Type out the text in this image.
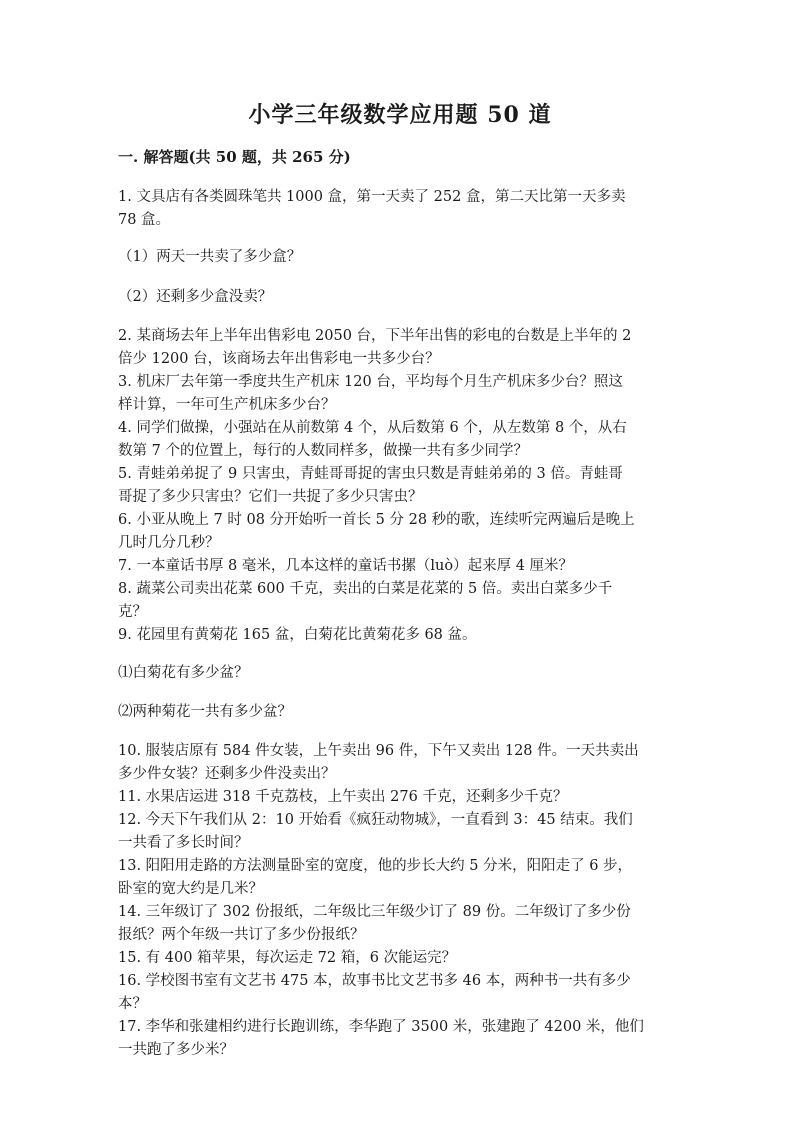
小学三年级数学应用题 50 道
一. 解答题(共 50 题，共 265 分)
1. 文具店有各类圆珠笔共 1000 盒，第一天卖了 252 盒，第二天比第一天多卖
78 盒。
（1）两天一共卖了多少盒？
（2）还剩多少盒没卖？
2. 某商场去年上半年出售彩电 2050 台，下半年出售的彩电的台数是上半年的 2
倍少 1200 台，该商场去年出售彩电一共多少台？
3. 机床厂去年第一季度共生产机床 120 台，平均每个月生产机床多少台？照这
样计算，一年可生产机床多少台？
4. 同学们做操，小强站在从前数第 4 个，从后数第 6 个，从左数第 8 个，从右
数第 7 个的位置上，每行的人数同样多，做操一共有多少同学？
5. 青蛙弟弟捉了 9 只害虫，青蛙哥哥捉的害虫只数是青蛙弟弟的 3 倍。青蛙哥
哥捉了多少只害虫？它们一共捉了多少只害虫？
6. 小亚从晚上 7 时 08 分开始听一首长 5 分 28 秒的歌，连续听完两遍后是晚上
几时几分几秒？
7. 一本童话书厚 8 毫米，几本这样的童话书摞（luò）起来厚 4 厘米？
8. 蔬菜公司卖出花菜 600 千克，卖出的白菜是花菜的 5 倍。卖出白菜多少千
克？
9. 花园里有黄菊花 165 盆，白菊花比黄菊花多 68 盆。
⑴白菊花有多少盆？
⑵两种菊花一共有多少盆？
10. 服装店原有 584 件女装，上午卖出 96 件，下午又卖出 128 件。一天共卖出
多少件女装？还剩多少件没卖出？
11. 水果店运进 318 千克荔枝，上午卖出 276 千克，还剩多少千克？
12. 今天下午我们从 2：10 开始看《疯狂动物城》，一直看到 3：45 结束。我们
一共看了多长时间？
13. 阳阳用走路的方法测量卧室的宽度，他的步长大约 5 分米，阳阳走了 6 步，
卧室的宽大约是几米？
14. 三年级订了 302 份报纸，二年级比三年级少订了 89 份。二年级订了多少份
报纸？两个年级一共订了多少份报纸？
15. 有 400 箱苹果，每次运走 72 箱，6 次能运完？
16. 学校图书室有文艺书 475 本，故事书比文艺书多 46 本，两种书一共有多少
本？
17. 李华和张建相约进行长跑训练，李华跑了 3500 米，张建跑了 4200 米，他们
一共跑了多少米？
